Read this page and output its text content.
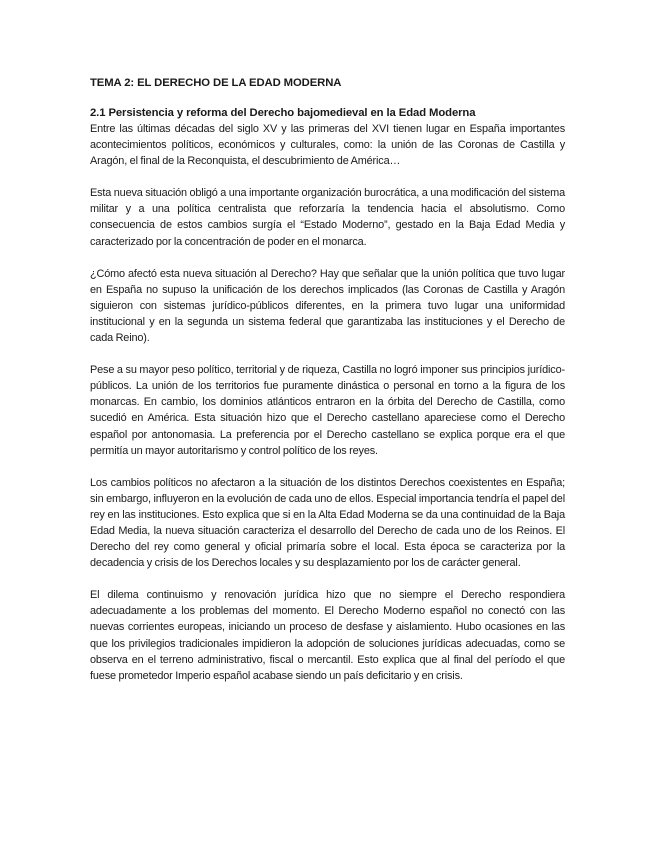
TEMA 2: EL DERECHO DE LA EDAD MODERNA
2.1 Persistencia y reforma del Derecho bajomedieval en la Edad Moderna

Entre las últimas décadas del siglo XV y las primeras del XVI tienen lugar en España importantes acontecimientos políticos, económicos y culturales, como: la unión de las Coronas de Castilla y Aragón, el final de la Reconquista, el descubrimiento de América…

Esta nueva situación obligó a una importante organización burocrática, a una modificación del sistema militar y a una política centralista que reforzaría la tendencia hacia el absolutismo. Como consecuencia de estos cambios surgía el “Estado Moderno”, gestado en la Baja Edad Media y caracterizado por la concentración de poder en el monarca.

¿Cómo afectó esta nueva situación al Derecho? Hay que señalar que la unión política que tuvo lugar en España no supuso la unificación de los derechos implicados (las Coronas de Castilla y Aragón siguieron con sistemas jurídico-públicos diferentes, en la primera tuvo lugar una uniformidad institucional y en la segunda un sistema federal que garantizaba las instituciones y el Derecho de cada Reino).

Pese a su mayor peso político, territorial y de riqueza, Castilla no logró imponer sus principios jurídico-públicos. La unión de los territorios fue puramente dinástica o personal en torno a la figura de los monarcas. En cambio, los dominios atlánticos entraron en la órbita del Derecho de Castilla, como sucedió en América. Esta situación hizo que el Derecho castellano apareciese como el Derecho español por antonomasia. La preferencia por el Derecho castellano se explica porque era el que permitía un mayor autoritarismo y control político de los reyes.

Los cambios políticos no afectaron a la situación de los distintos Derechos coexistentes en España; sin embargo, influyeron en la evolución de cada uno de ellos. Especial importancia tendría el papel del rey en las instituciones. Esto explica que si en la Alta Edad Moderna se da una continuidad de la Baja Edad Media, la nueva situación caracteriza el desarrollo del Derecho de cada uno de los Reinos. El Derecho del rey como general y oficial primaría sobre el local. Esta época se caracteriza por la decadencia y crisis de los Derechos locales y su desplazamiento por los de carácter general.

El dilema continuismo y renovación jurídica hizo que no siempre el Derecho respondiera adecuadamente a los problemas del momento. El Derecho Moderno español no conectó con las nuevas corrientes europeas, iniciando un proceso de desfase y aislamiento. Hubo ocasiones en las que los privilegios tradicionales impidieron la adopción de soluciones jurídicas adecuadas, como se observa en el terreno administrativo, fiscal o mercantil. Esto explica que al final del período el que fuese prometedor Imperio español acabase siendo un país deficitario y en crisis.
